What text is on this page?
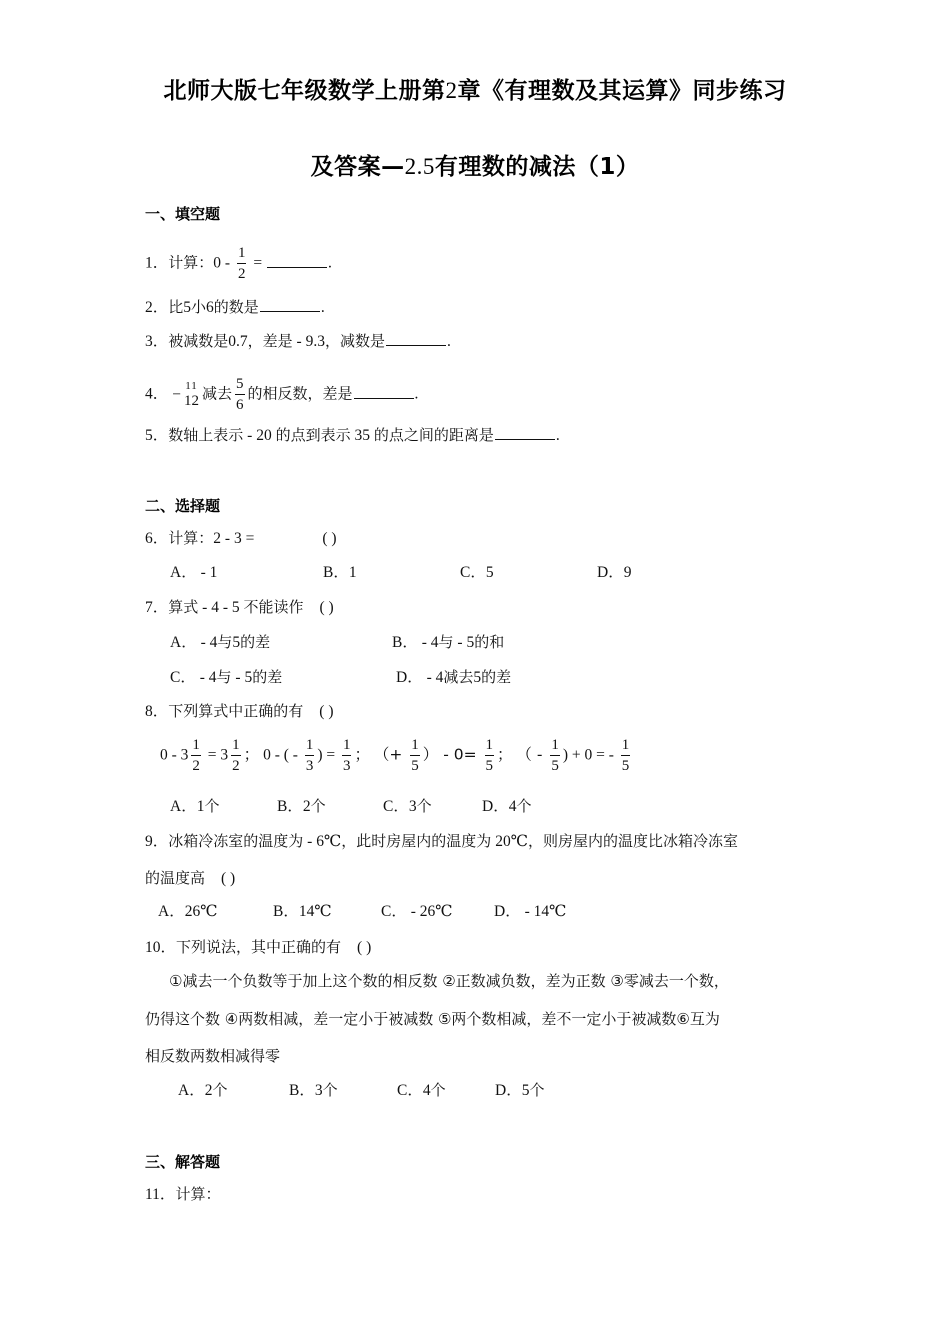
北师大版七年级数学上册第2章《有理数及其运算》同步练习
及答案—2.5有理数的减法（1）
一、填空题
1．计算：$0 - \frac{1}{2}$ =	.
2．比5小6的数是	.
3．被减数是0.7，差是 - 9.3，减数是	.
4． − 11
12 减去 $\frac{5}{6}$ 的相反数，差是	.
5．数轴上表示 - 20 的点到表示 35 的点之间的距离是	.
二、选择题
6．计算：2 - 3 =	( )
A． - 1	B．1	C．5	D．9
7．算式 - 4 - 5 不能读作 ( )
A． - 4与5的差	B． - 4与 - 5的和
C． - 4与 - 5的差	D． - 4减去5的差
8．下列算式中正确的有 ( )
$0 - 3 \frac{1}{2} = 3 \frac{1}{2}$ ； 0 - ( - $\frac{1}{3}$ ) = $\frac{1}{3}$ ； （+ $\frac{1}{5}$ ） - $0= \frac{1}{5}$ ； （ - $\frac{1}{5}$ ) + 0 = - $\frac{1}{5}$
A．1个	B．2个	C．3个	D．4个
9．冰箱冷冻室的温度为 - 6℃，此时房屋内的温度为 20℃，则房屋内的温度比冰箱冷冻室
的温度高 ( )
A．26℃	B．14℃	C． - 26℃	D． - 14℃
10．下列说法，其中正确的有 ( )
①减去一个负数等于加上这个数的相反数 ②正数减负数，差为正数 ③零减去一个数，
仍得这个数 ④两数相减，差一定小于被减数 ⑤两个数相减，差不一定小于被减数⑥互为
相反数两数相减得零
A．2个	B．3个	C．4个	D．5个
三、解答题
11．计算：
